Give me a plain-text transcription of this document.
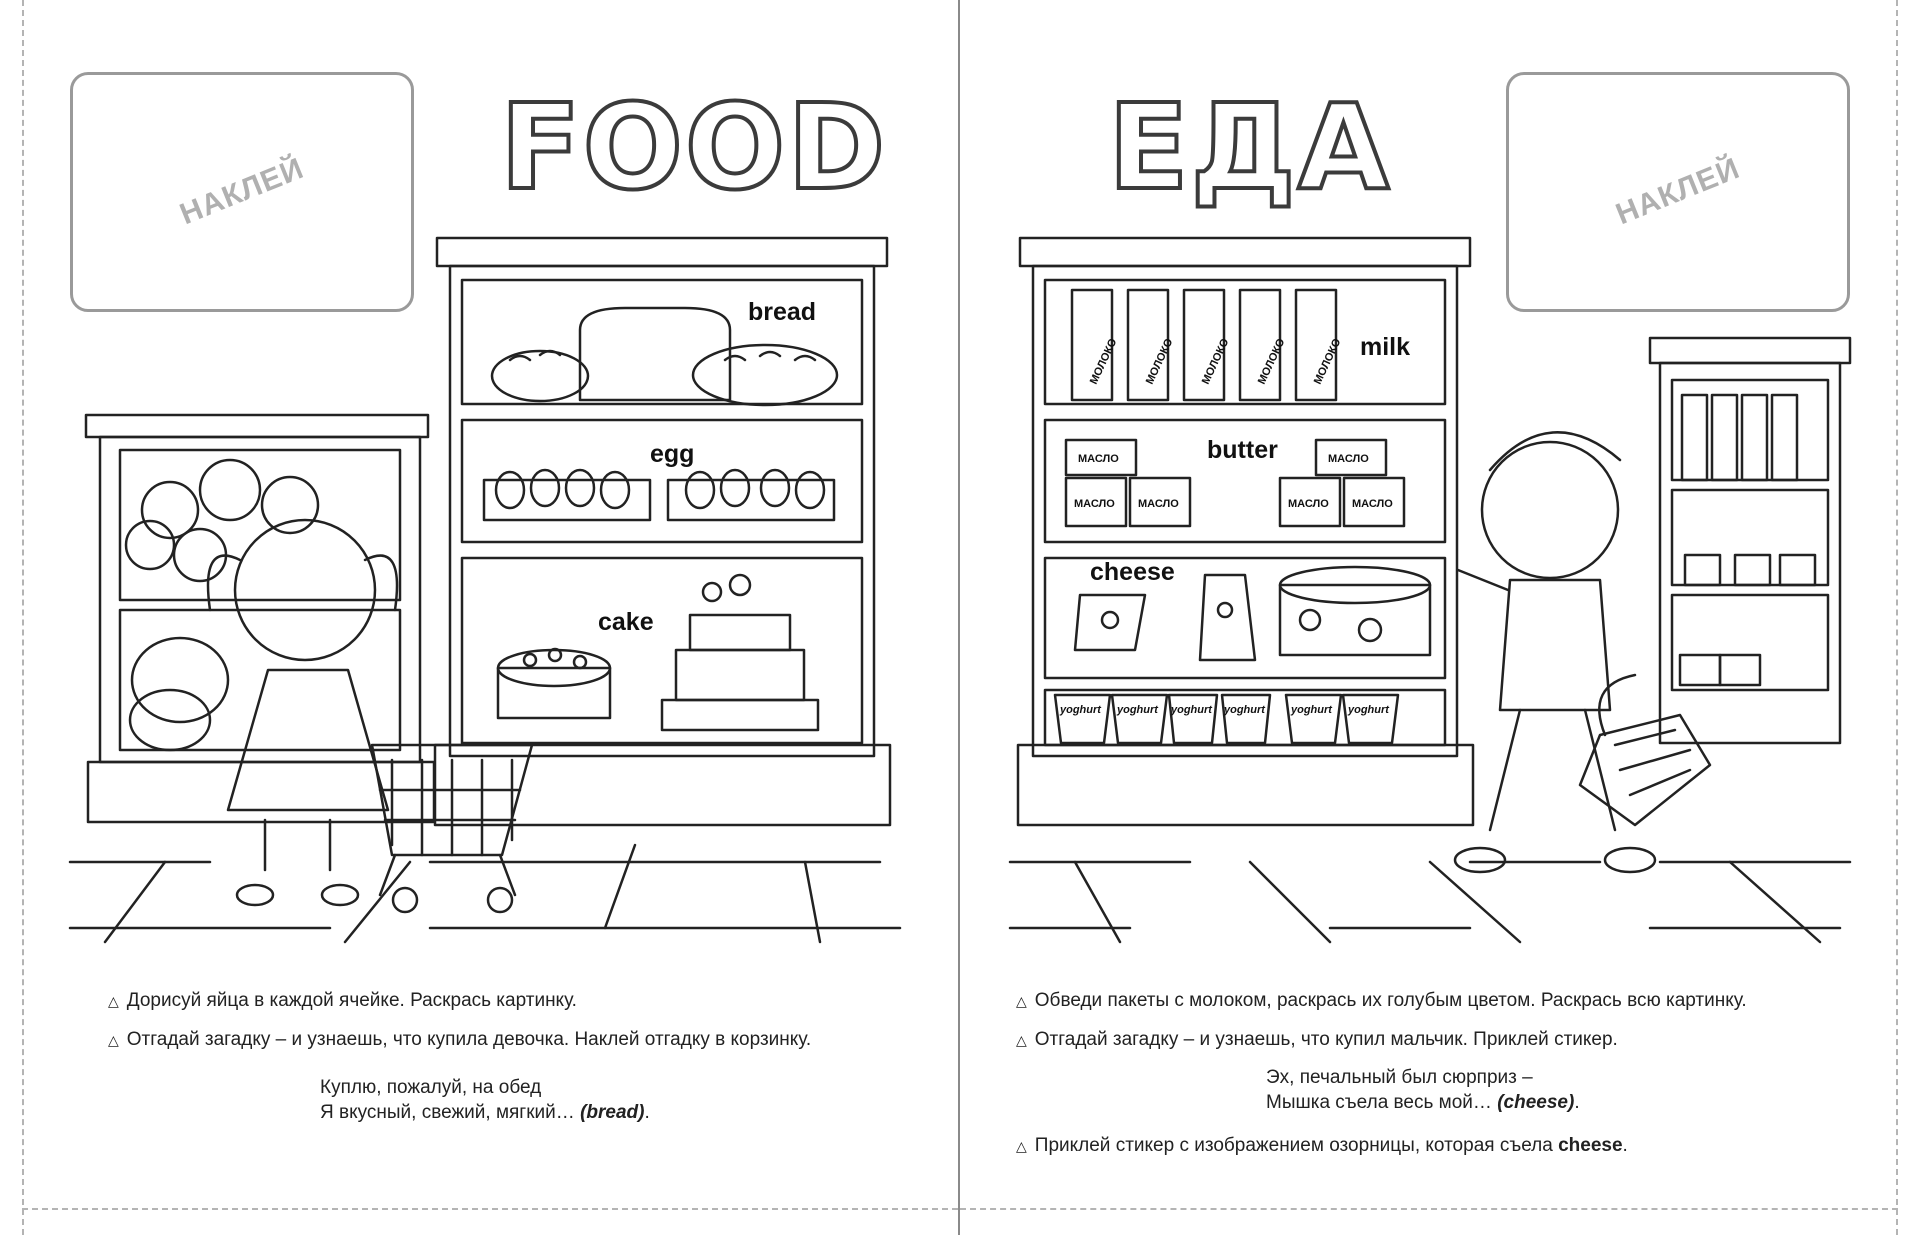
НАКЛЕЙ FOOD
bread
egg
cake
△ Дорисуй яйца в каждой ячейке. Раскрась картинку.
△ Отгадай загадку – и узнаешь, что купила девочка. Наклей отгадку в корзинку.
Куплю, пожалуй, на обед
Я вкусный, свежий, мягкий… (bread).
НАКЛЕЙ
ЕДА
milk
butter
cheese
МОЛОКО МОЛОКО МОЛОКО МОЛОКО МОЛОКО
МАСЛО
МАСЛО МАСЛО
МАСЛО
МАСЛО МАСЛО
yoghurt yoghurt yoghurt yoghurt yoghurt yoghurt
△ Обведи пакеты с молоком, раскрась их голубым цветом. Раскрась всю картинку.
△ Отгадай загадку – и узнаешь, что купил мальчик. Приклей стикер.
Эх, печальный был сюрприз –
Мышка съела весь мой… (cheese).
△ Приклей стикер с изображением озорницы, которая съела cheese.
